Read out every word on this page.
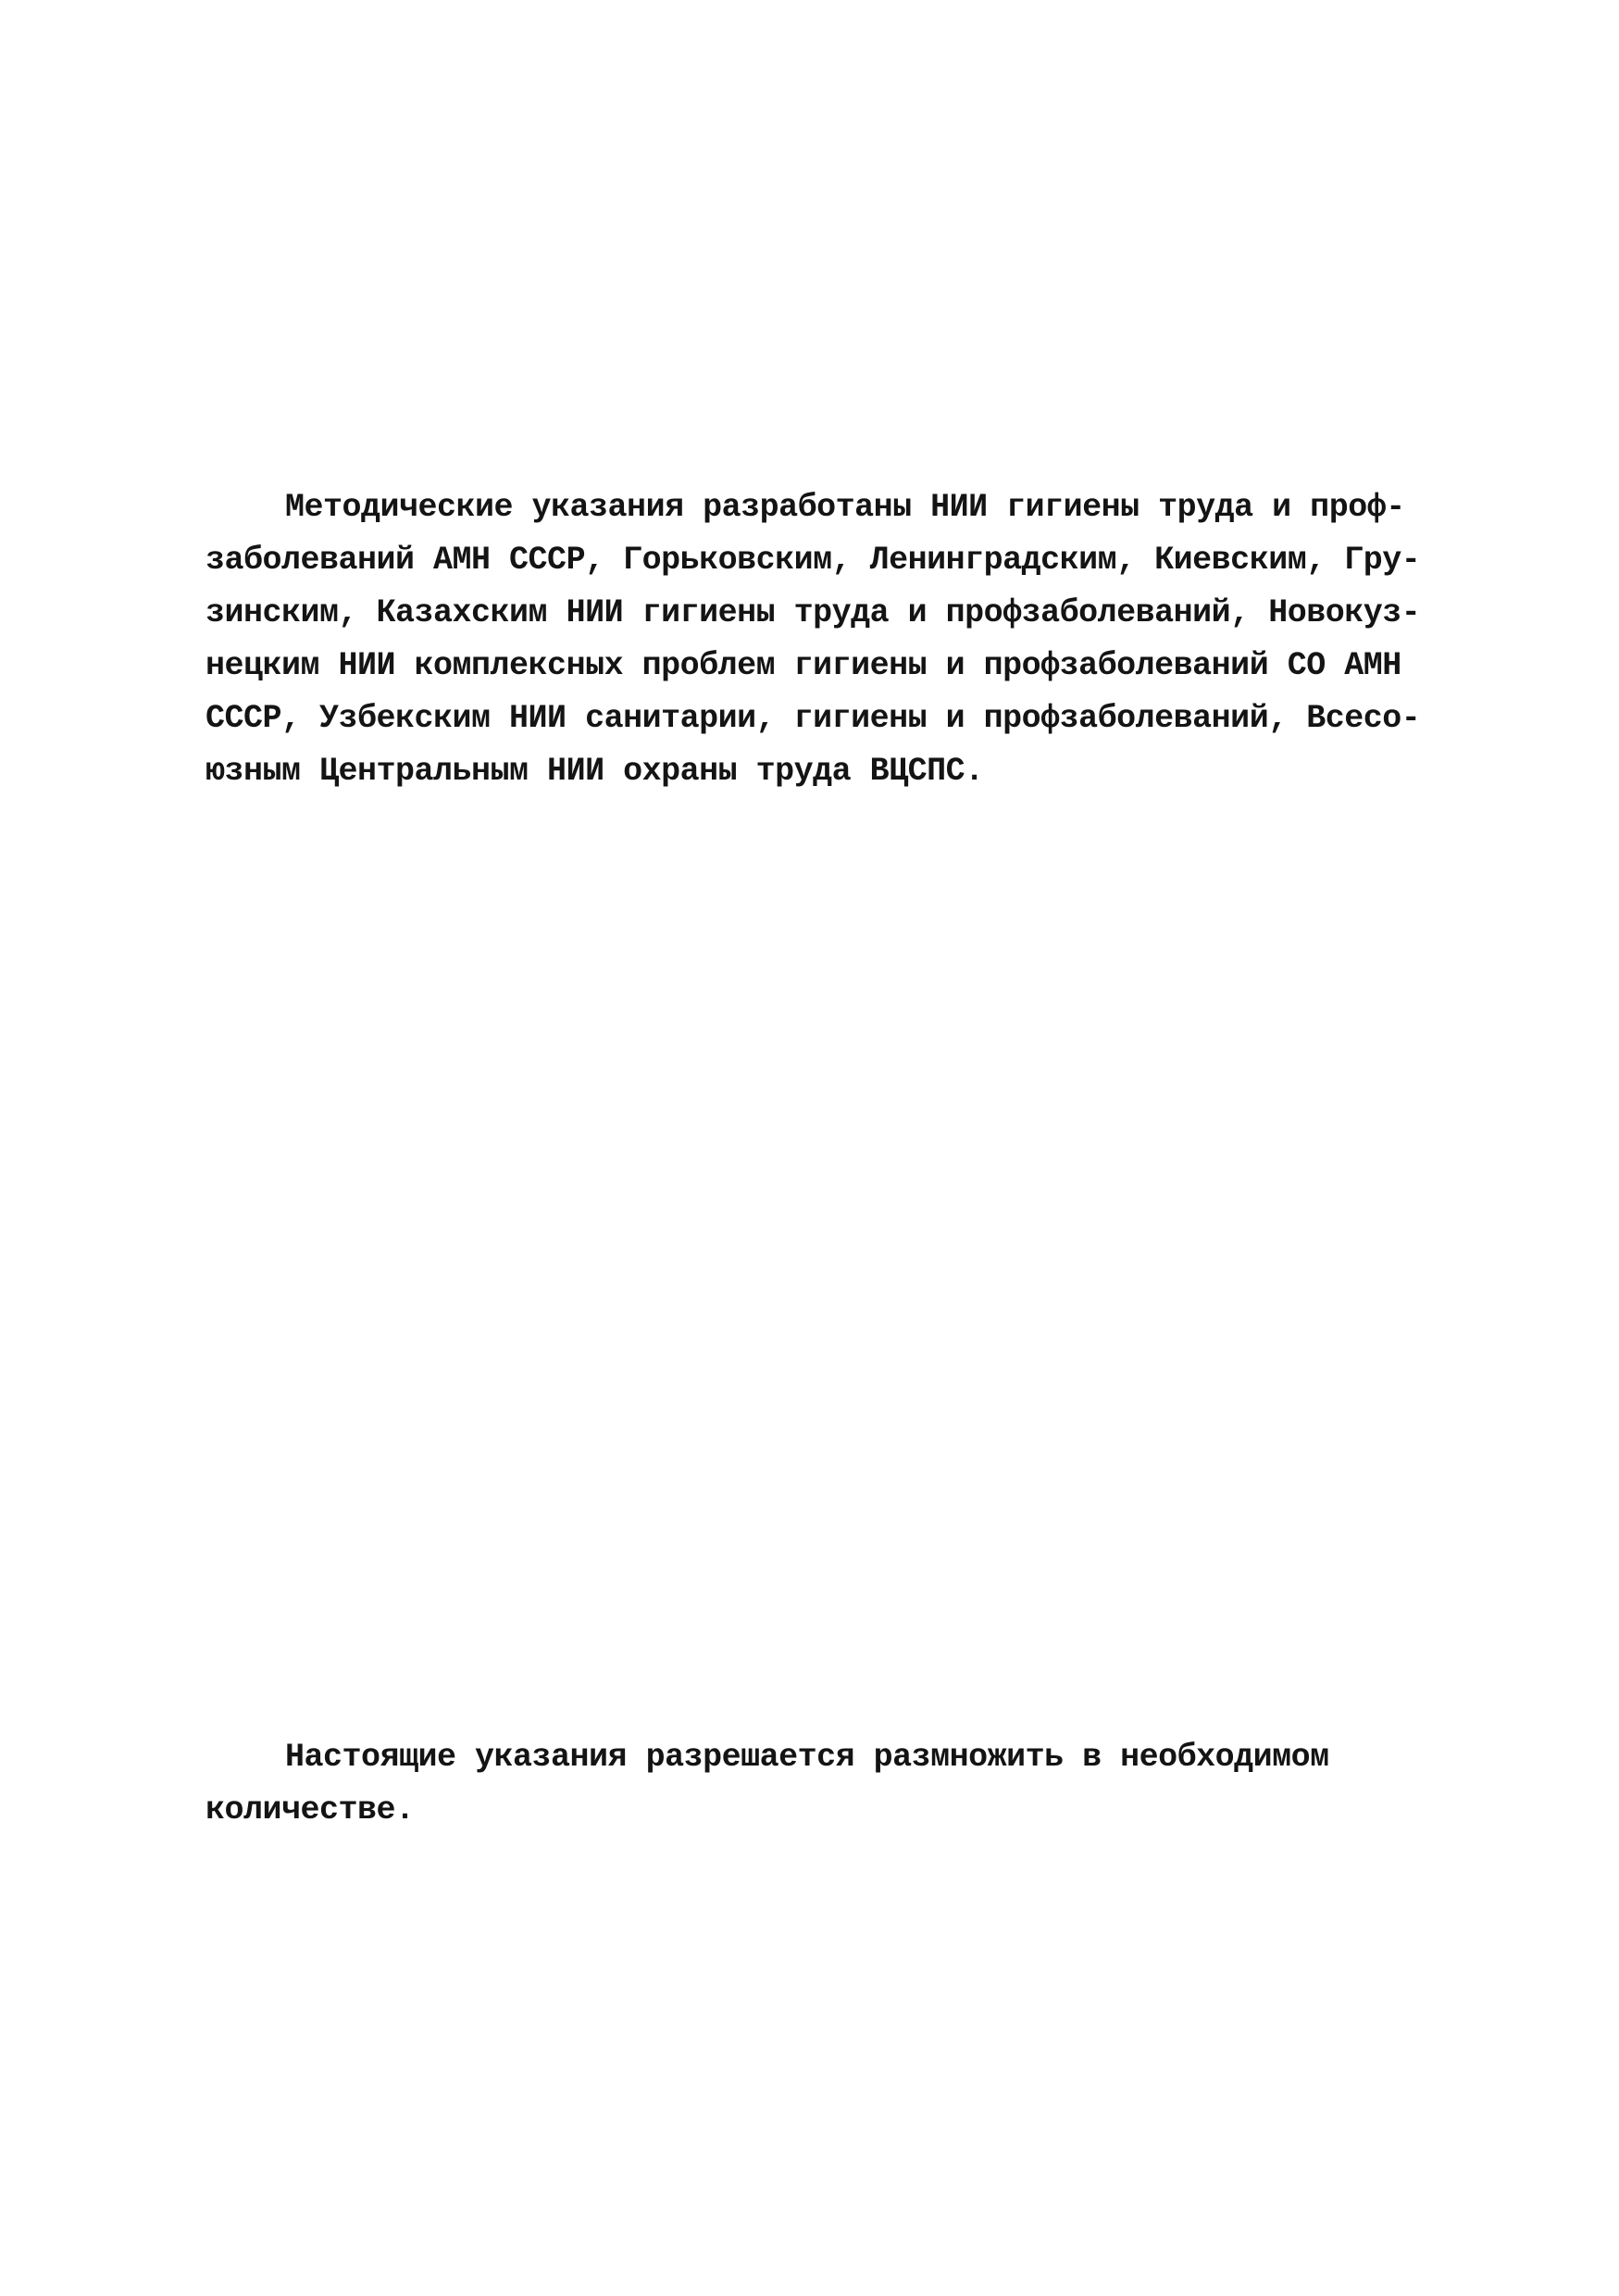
Методические указания разработаны НИИ гигиены труда и проф-
заболеваний АМН СССР, Горьковским, Ленинградским, Киевским, Гру-
зинским, Казахским НИИ гигиены труда и профзаболеваний, Новокуз-
нецким НИИ комплексных проблем гигиены и профзаболеваний СО АМН
СССР, Узбекским НИИ санитарии, гигиены и профзаболеваний, Всесо-
юзным Центральным НИИ охраны труда ВЦСПС.
Настоящие указания разрешается размножить в необходимом
количестве.
